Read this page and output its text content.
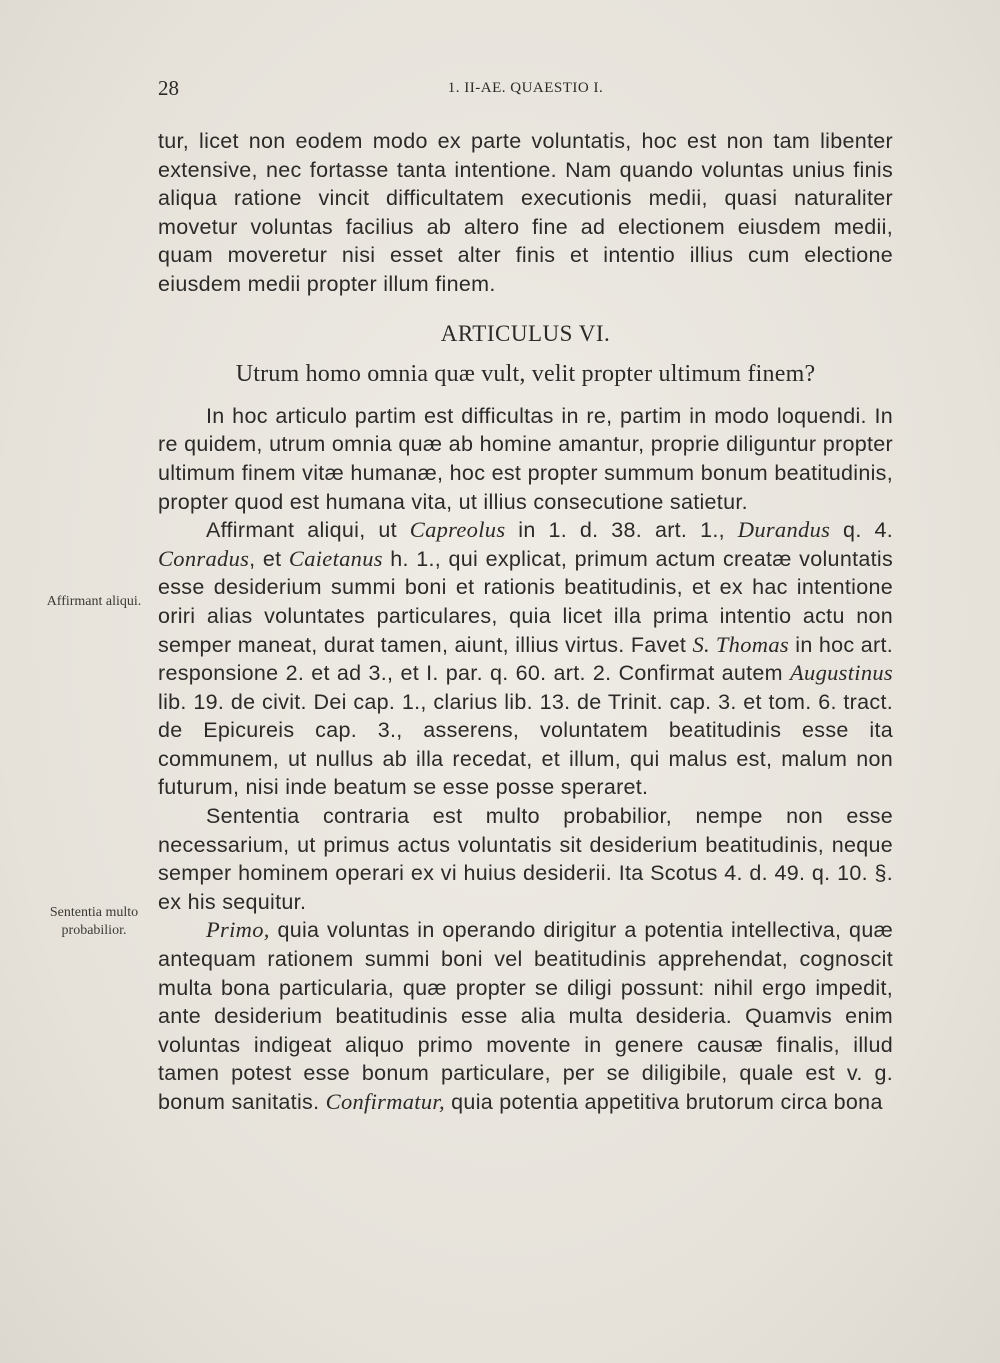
28	1. II-AE. QUAESTIO I.
Affirmant aliqui.
Sententia multo probabilior.

tur, licet non eodem modo ex parte voluntatis, hoc est non tam libenter extensive, nec fortasse tanta intentione. Nam quando voluntas unius finis aliqua ratione vincit difficultatem executionis medii, quasi naturaliter movetur voluntas facilius ab altero fine ad electionem eiusdem medii, quam moveretur nisi esset alter finis et intentio illius cum electione eiusdem medii propter illum finem.

ARTICULUS VI.
Utrum homo omnia quæ vult, velit propter ultimum finem?

In hoc articulo partim est difficultas in re, partim in modo loquendi. In re quidem, utrum omnia quæ ab homine amantur, proprie diliguntur propter ultimum finem vitæ humanæ, hoc est propter summum bonum beatitudinis, propter quod est humana vita, ut illius consecutione satietur.

Affirmant aliqui, ut Capreolus in 1. d. 38. art. 1., Durandus q. 4. Conradus, et Caietanus h. 1., qui explicat, primum actum creatæ voluntatis esse desiderium summi boni et rationis beatitudinis, et ex hac intentione oriri alias voluntates particulares, quia licet illa prima intentio actu non semper maneat, durat tamen, aiunt, illius virtus. Favet S. Thomas in hoc art. responsione 2. et ad 3., et I. par. q. 60. art. 2. Confirmat autem Augustinus lib. 19. de civit. Dei cap. 1., clarius lib. 13. de Trinit. cap. 3. et tom. 6. tract. de Epicureis cap. 3., asserens, voluntatem beatitudinis esse ita communem, ut nullus ab illa recedat, et illum, qui malus est, malum non futurum, nisi inde beatum se esse posse speraret.

Sententia contraria est multo probabilior, nempe non esse necessarium, ut primus actus voluntatis sit desiderium beatitudinis, neque semper hominem operari ex vi huius desiderii. Ita Scotus 4. d. 49. q. 10. §. ex his sequitur.

Primo, quia voluntas in operando dirigitur a potentia intellectiva, quæ antequam rationem summi boni vel beatitudinis apprehendat, cognoscit multa bona particularia, quæ propter se diligi possunt: nihil ergo impedit, ante desiderium beatitudinis esse alia multa desideria. Quamvis enim voluntas indigeat aliquo primo movente in genere causæ finalis, illud tamen potest esse bonum particulare, per se diligibile, quale est v. g. bonum sanitatis. Confirmatur, quia potentia appetitiva brutorum circa bona
